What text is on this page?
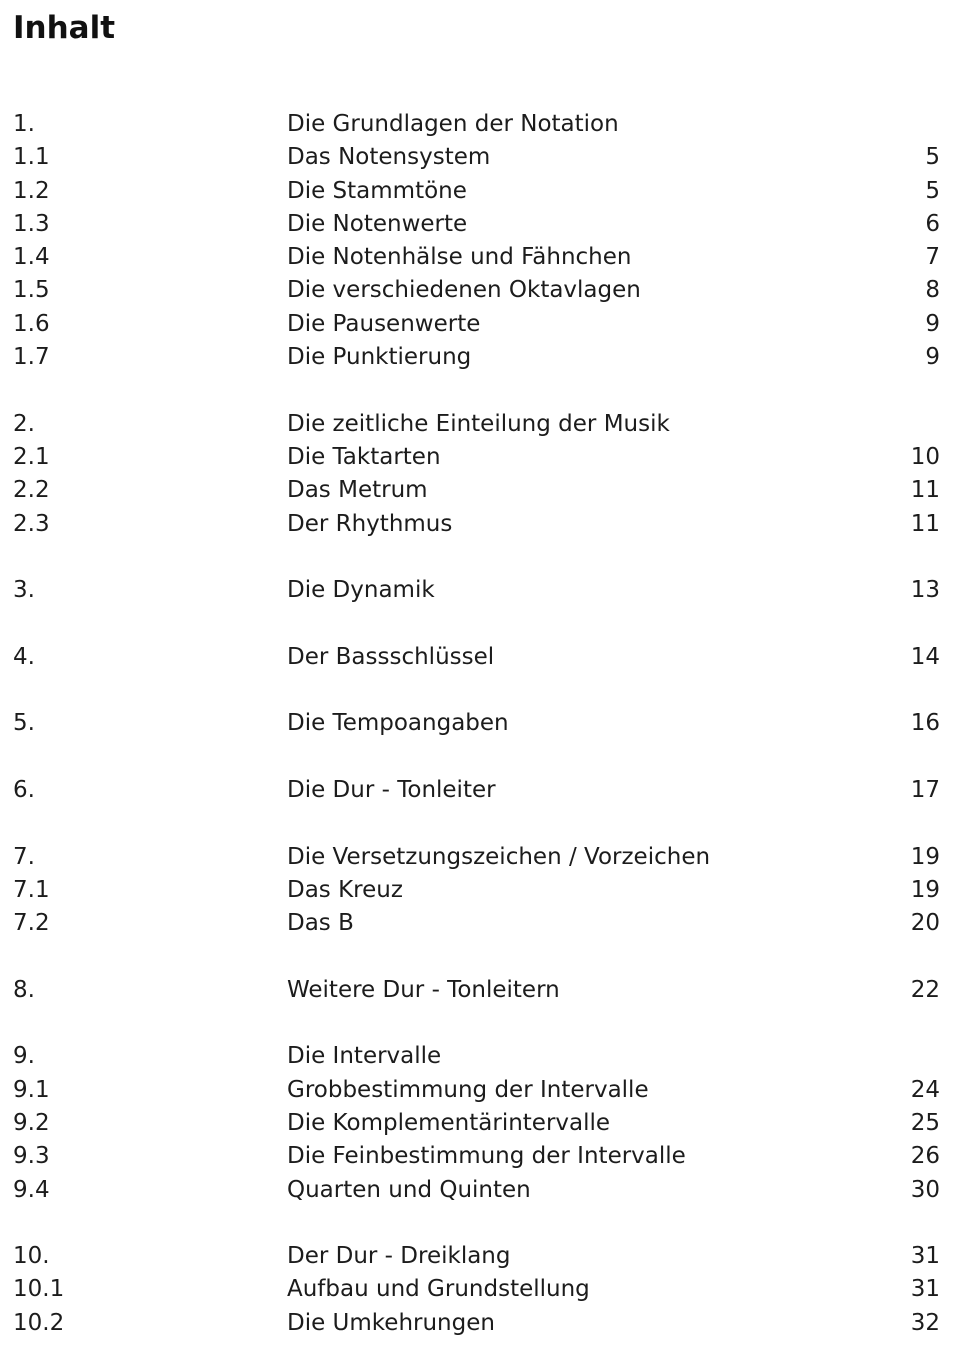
Inhalt
1.	Die Grundlagen der Notation
1.1	Das Notensystem	5
1.2	Die Stammtöne	5
1.3	Die Notenwerte	6
1.4	Die Notenhälse und Fähnchen	7
1.5	Die verschiedenen Oktavlagen	8
1.6	Die Pausenwerte	9
1.7	Die Punktierung	9
2.	Die zeitliche Einteilung der Musik
2.1	Die Taktarten	10
2.2	Das Metrum	11
2.3	Der Rhythmus	11
3.	Die Dynamik	13
4.	Der Bassschlüssel	14
5.	Die Tempoangaben	16
6.	Die Dur - Tonleiter	17
7.	Die Versetzungszeichen / Vorzeichen	19
7.1	Das Kreuz	19
7.2	Das B	20
8.	Weitere Dur - Tonleitern	22
9.	Die Intervalle
9.1	Grobbestimmung der Intervalle	24
9.2	Die Komplementärintervalle	25
9.3	Die Feinbestimmung der Intervalle	26
9.4	Quarten und Quinten	30
10.	Der Dur - Dreiklang	31
10.1	Aufbau und Grundstellung	31
10.2	Die Umkehrungen	32
